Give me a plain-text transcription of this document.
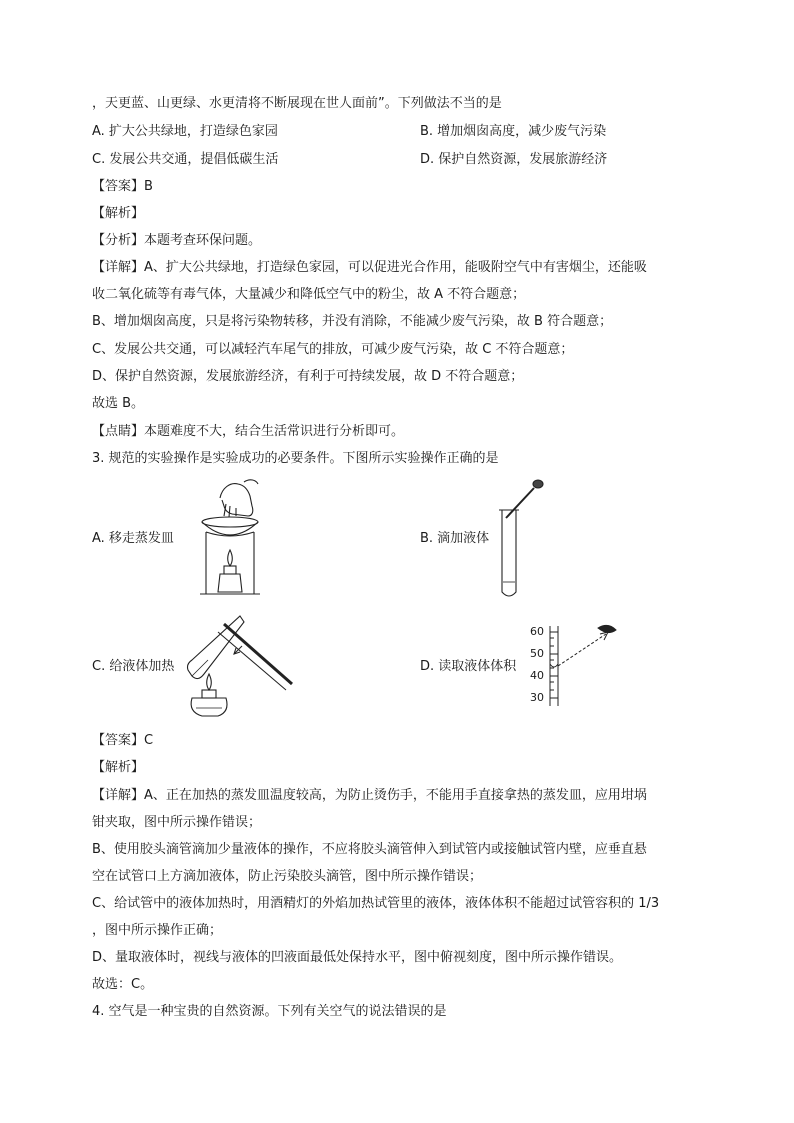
，天更蓝、山更绿、水更清将不断展现在世人面前”。下列做法不当的是
A. 扩大公共绿地，打造绿色家园	B. 增加烟囱高度，减少废气污染
C. 发展公共交通，提倡低碳生活	D. 保护自然资源，发展旅游经济
【答案】B
【解析】
【分析】本题考查环保问题。
【详解】A、扩大公共绿地，打造绿色家园，可以促进光合作用，能吸附空气中有害烟尘，还能吸
收二氧化硫等有毒气体，大量减少和降低空气中的粉尘，故 A 不符合题意；
B、增加烟囱高度，只是将污染物转移，并没有消除，不能减少废气污染，故 B 符合题意；
C、发展公共交通，可以减轻汽车尾气的排放，可减少废气污染，故 C 不符合题意；
D、保护自然资源，发展旅游经济，有利于可持续发展，故 D 不符合题意；
故选 B。
【点睛】本题难度不大，结合生活常识进行分析即可。
3. 规范的实验操作是实验成功的必要条件。下图所示实验操作正确的是
A. 移走蒸发皿	B. 滴加液体
C. 给液体加热	D. 读取液体体积
60
50
40
30
【答案】C
【解析】
【详解】A、正在加热的蒸发皿温度较高，为防止烫伤手，不能用手直接拿热的蒸发皿，应用坩埚
钳夹取，图中所示操作错误；
B、使用胶头滴管滴加少量液体的操作，不应将胶头滴管伸入到试管内或接触试管内壁，应垂直悬
空在试管口上方滴加液体，防止污染胶头滴管，图中所示操作错误；
C、给试管中的液体加热时，用酒精灯的外焰加热试管里的液体，液体体积不能超过试管容积的 1/3
，图中所示操作正确；
D、量取液体时，视线与液体的凹液面最低处保持水平，图中俯视刻度，图中所示操作错误。
故选：C。
4. 空气是一种宝贵的自然资源。下列有关空气的说法错误的是
